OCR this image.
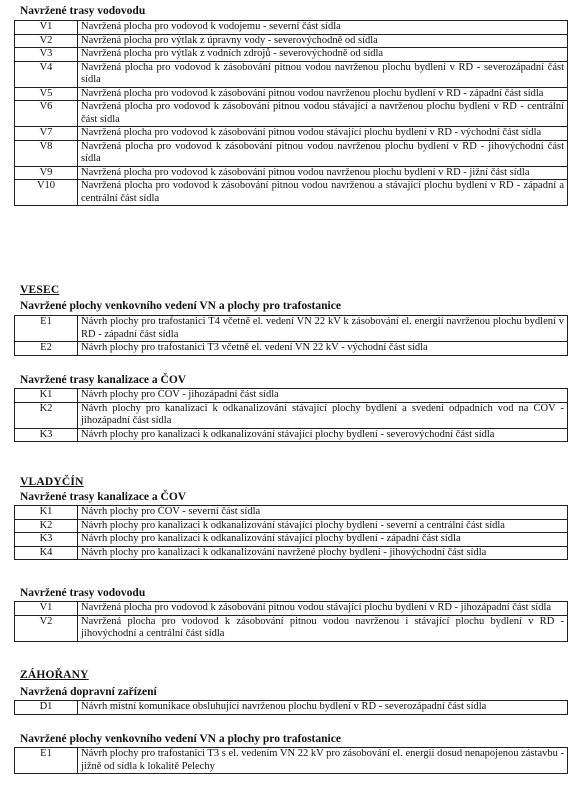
Navržené trasy vodovodu
V1	Navržená plocha pro vodovod k vodojemu - severní část sídla
V2	Navržená plocha pro výtlak z úpravny vody - severovýchodně od sídla
V3	Navržená plocha pro výtlak z vodních zdrojů - severovýchodně od sídla
V4	Navržená plocha pro vodovod k zásobování pitnou vodou navrženou plochu bydlení v RD - severozápadní část sídla
V5	Navržená plocha pro vodovod k zásobování pitnou vodou navrženou plochu bydlení v RD - západní část sídla
V6	Navržená plocha pro vodovod k zásobování pitnou vodou stávající a navrženou plochu bydlení v RD - centrální část sídla
V7	Navržená plocha pro vodovod k zásobování pitnou vodou stávající plochu bydlení v RD - východní část sídla
V8	Navržená plocha pro vodovod k zásobování pitnou vodou navrženou plochu bydlení v RD - jihovýchodní část sídla
V9	Navržená plocha pro vodovod k zásobování pitnou vodou navrženou plochu bydlení v RD - jižní část sídla
V10	Navržená plocha pro vodovod k zásobování pitnou vodou navrženou a stávající plochu bydlení v RD - západní a centrální část sídla
VESEC
Navržené plochy venkovního vedení VN a plochy pro trafostanice
E1	Návrh plochy pro trafostanici T4 včetně el. vedení VN 22 kV k zásobování el. energií navrženou plochu bydlení v RD - západní část sídla
E2	Návrh plochy pro trafostanici T3 včetně el. vedení VN 22 kV - východní část sídla
Navržené trasy kanalizace a ČOV
K1	Návrh plochy pro ČOV - jihozápadní část sídla
K2	Návrh plochy pro kanalizaci k odkanalizování stávající plochy bydlení a svedení odpadních vod na ČOV - jihozápadní část sídla
K3	Návrh plochy pro kanalizaci k odkanalizování stávající plochy bydlení - severovýchodní část sídla
VLADYČÍN
Navržené trasy kanalizace a ČOV
K1	Návrh plochy pro ČOV - severní část sídla
K2	Návrh plochy pro kanalizaci k odkanalizování stávající plochy bydlení - severní a centrální část sídla
K3	Návrh plochy pro kanalizaci k odkanalizování stávající plochy bydlení - západní část sídla
K4	Návrh plochy pro kanalizaci k odkanalizování navržené plochy bydlení - jihovýchodní část sídla
Navržené trasy vodovodu
V1	Navržená plocha pro vodovod k zásobování pitnou vodou stávající plochu bydlení v RD - jihozápadní část sídla
V2	Navržená plocha pro vodovod k zásobování pitnou vodou navrženou i stávající plochu bydlení v RD - jihovýchodní a centrální část sídla
ZÁHOŘANY
Navržená dopravní zařízení
D1	Návrh místní komunikace obsluhující navrženou plochu bydlení v RD - severozápadní část sídla
Navržené plochy venkovního vedení VN a plochy pro trafostanice
E1	Návrh plochy pro trafostanici T3 s el. vedením VN 22 kV pro zásobování el. energií dosud nenapojenou zástavbu - jižně od sídla k lokalitě Pelechy
